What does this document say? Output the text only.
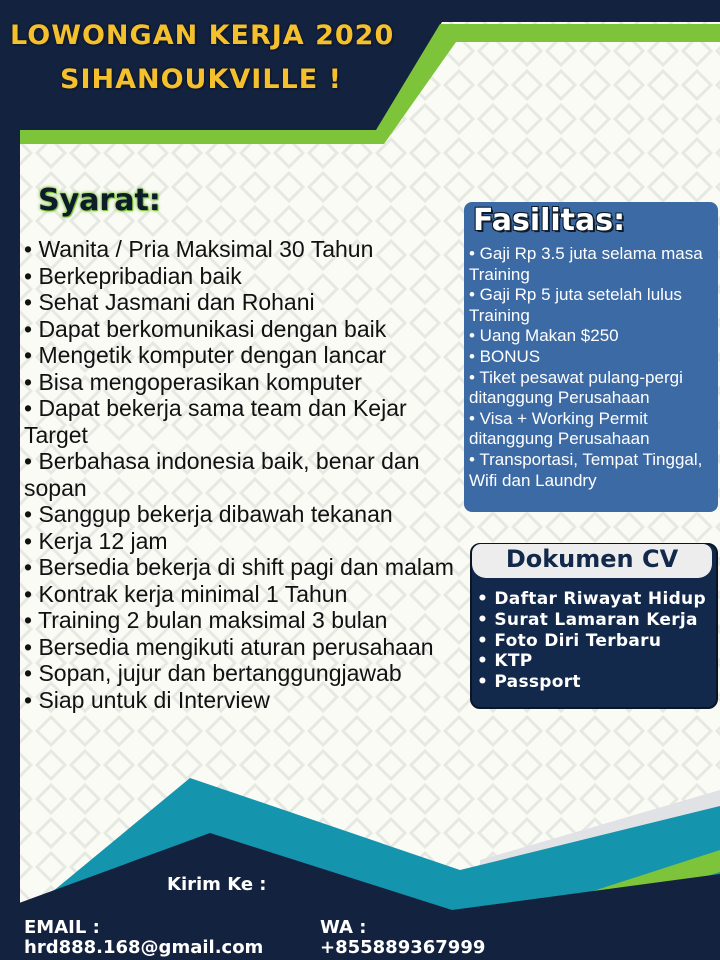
LOWONGAN KERJA 2020
SIHANOUKVILLE !
Syarat:
• Wanita / Pria Maksimal 30 Tahun
• Berkepribadian baik
• Sehat Jasmani dan Rohani
• Dapat berkomunikasi dengan baik
• Mengetik komputer dengan lancar
• Bisa mengoperasikan komputer
• Dapat bekerja sama team dan Kejar Target
• Berbahasa indonesia baik, benar dan sopan
• Sanggup bekerja dibawah tekanan
• Kerja 12 jam
• Bersedia bekerja di shift pagi dan malam
• Kontrak kerja minimal 1 Tahun
• Training 2 bulan maksimal 3 bulan
• Bersedia mengikuti aturan perusahaan
• Sopan, jujur dan bertanggungjawab
• Siap untuk di Interview
Fasilitas:
• Gaji Rp 3.5 juta selama masa Training
• Gaji Rp 5 juta setelah lulus Training
• Uang Makan $250
• BONUS
• Tiket pesawat pulang-pergi ditanggung Perusahaan
• Visa + Working Permit ditanggung Perusahaan
• Transportasi, Tempat Tinggal, Wifi dan Laundry
Dokumen CV
• Daftar Riwayat Hidup
• Surat Lamaran Kerja
• Foto Diri Terbaru
• KTP
• Passport
Kirim Ke :
EMAIL :
hrd888.168@gmail.com
WA :
+855889367999
